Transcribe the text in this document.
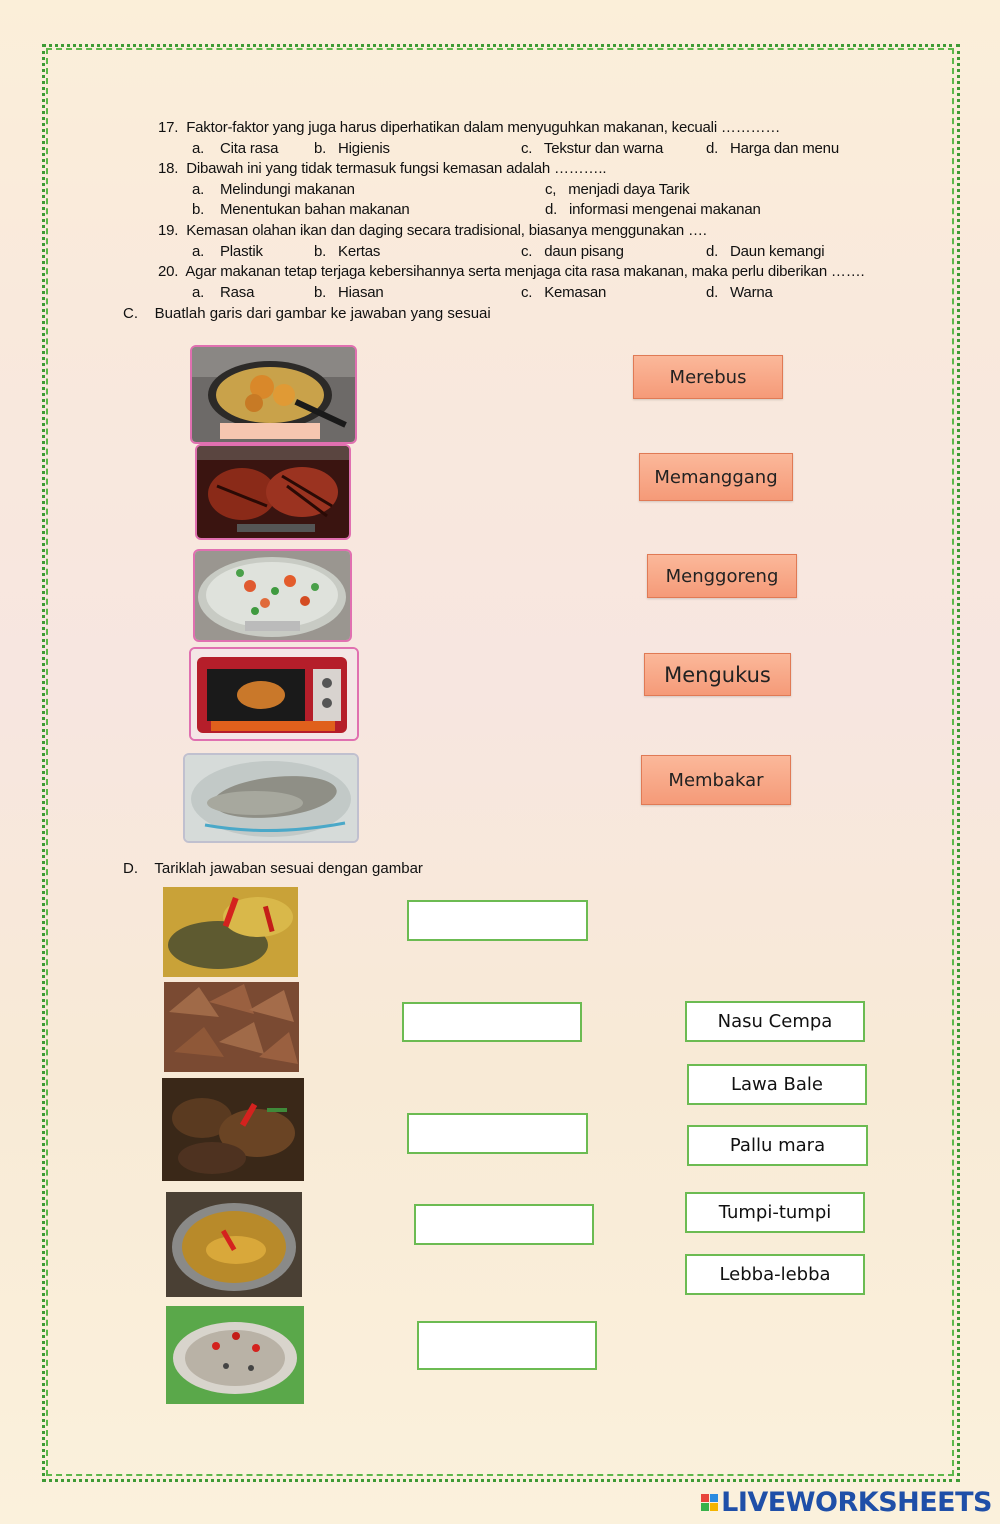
17. Faktor-faktor yang juga harus diperhatikan dalam menyuguhkan makanan, kecuali …………
a. Cita rasa b. Higienis	c. Tekstur dan warna	d. Harga dan menu
18. Dibawah ini yang tidak termasuk fungsi kemasan adalah ………..
a. Melindungi makanan	c, menjadi daya Tarik
b. Menentukan bahan makanan	d. informasi mengenai makanan
19. Kemasan olahan ikan dan daging secara tradisional, biasanya menggunakan ….
a. Plastik	b. Kertas	c. daun pisang	d. Daun kemangi
20. Agar makanan tetap terjaga kebersihannya serta menjaga cita rasa makanan, maka perlu diberikan …….
a. Rasa	b. Hiasan	c. Kemasan	d. Warna
C. Buatlah garis dari gambar ke jawaban yang sesuai
Merebus
Memanggang
Menggoreng
Mengukus
Membakar
D. Tariklah jawaban sesuai dengan gambar
Nasu Cempa
Lawa Bale
Pallu mara
Tumpi-tumpi
Lebba-lebba
LIVEWORKSHEETS
